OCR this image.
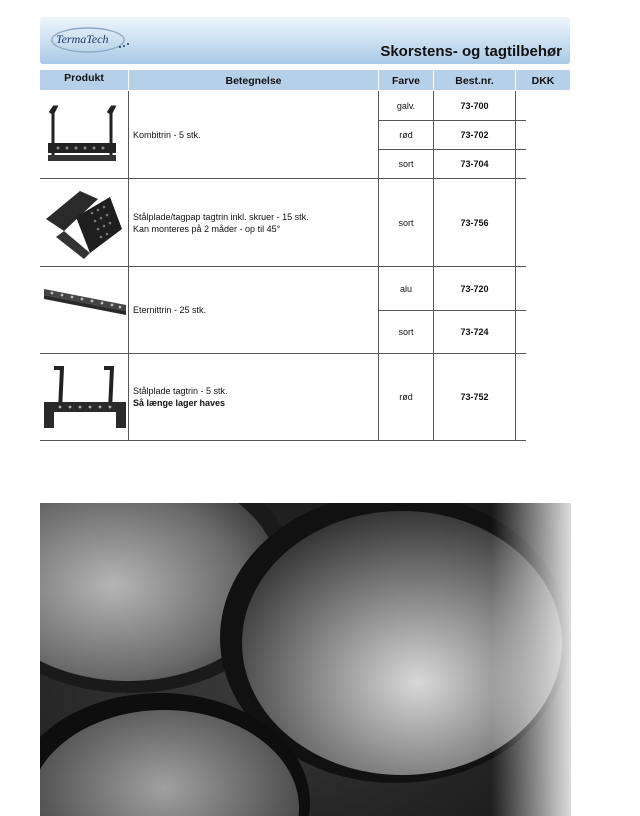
TermaTech
Skorstens- og tagtilbehør
Produkt	Betegnelse	Farve	Best.nr.	DKK
Kombitrin - 5 stk.
galv.	73-700
rød	73-702
sort	73-704
Stålplade/tagpap tagtrin inkl. skruer - 15 stk.
Kan monteres på 2 måder - op til 45°
sort	73-756
Eternittrin - 25 stk.
alu	73-720
sort	73-724
Stålplade tagtrin - 5 stk.
Så længe lager haves
rød	73-752
